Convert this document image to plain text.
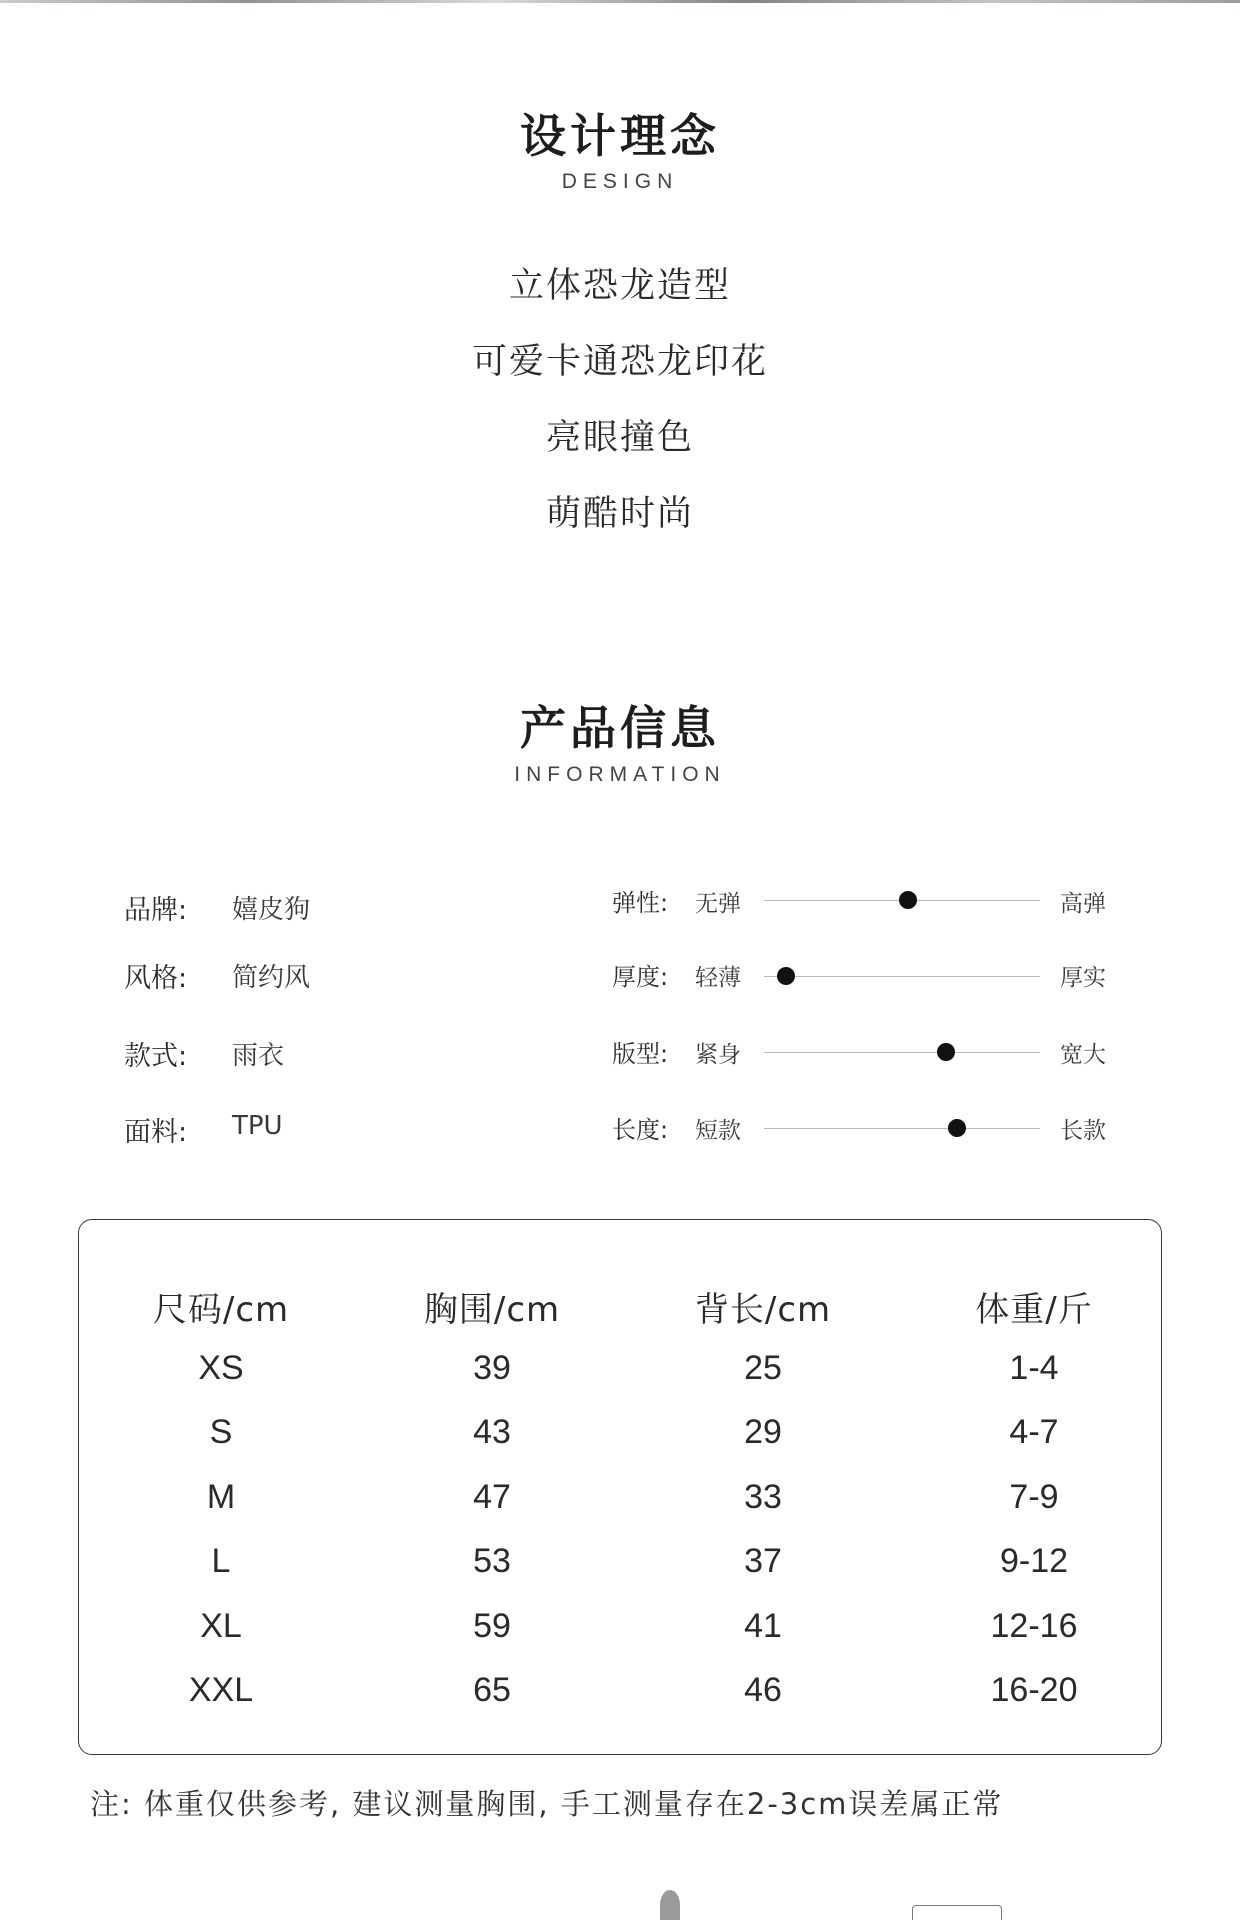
设计理念
DESIGN
立体恐龙造型
可爱卡通恐龙印花
亮眼撞色
萌酷时尚
产品信息
INFORMATION
品牌: 嬉皮狗
风格: 简约风
款式: 雨衣
面料: TPU
弹性: 无弹	高弹
厚度: 轻薄	厚实
版型: 紧身	宽大
长度: 短款	长款
尺码/cm	胸围/cm	背长/cm	体重/斤
XS	39	25	1-4
S	43	29	4-7
M	47	33	7-9
L	53	37	9-12
XL	59	41	12-16
XXL	65	46	16-20
注: 体重仅供参考, 建议测量胸围, 手工测量存在2-3cm误差属正常
